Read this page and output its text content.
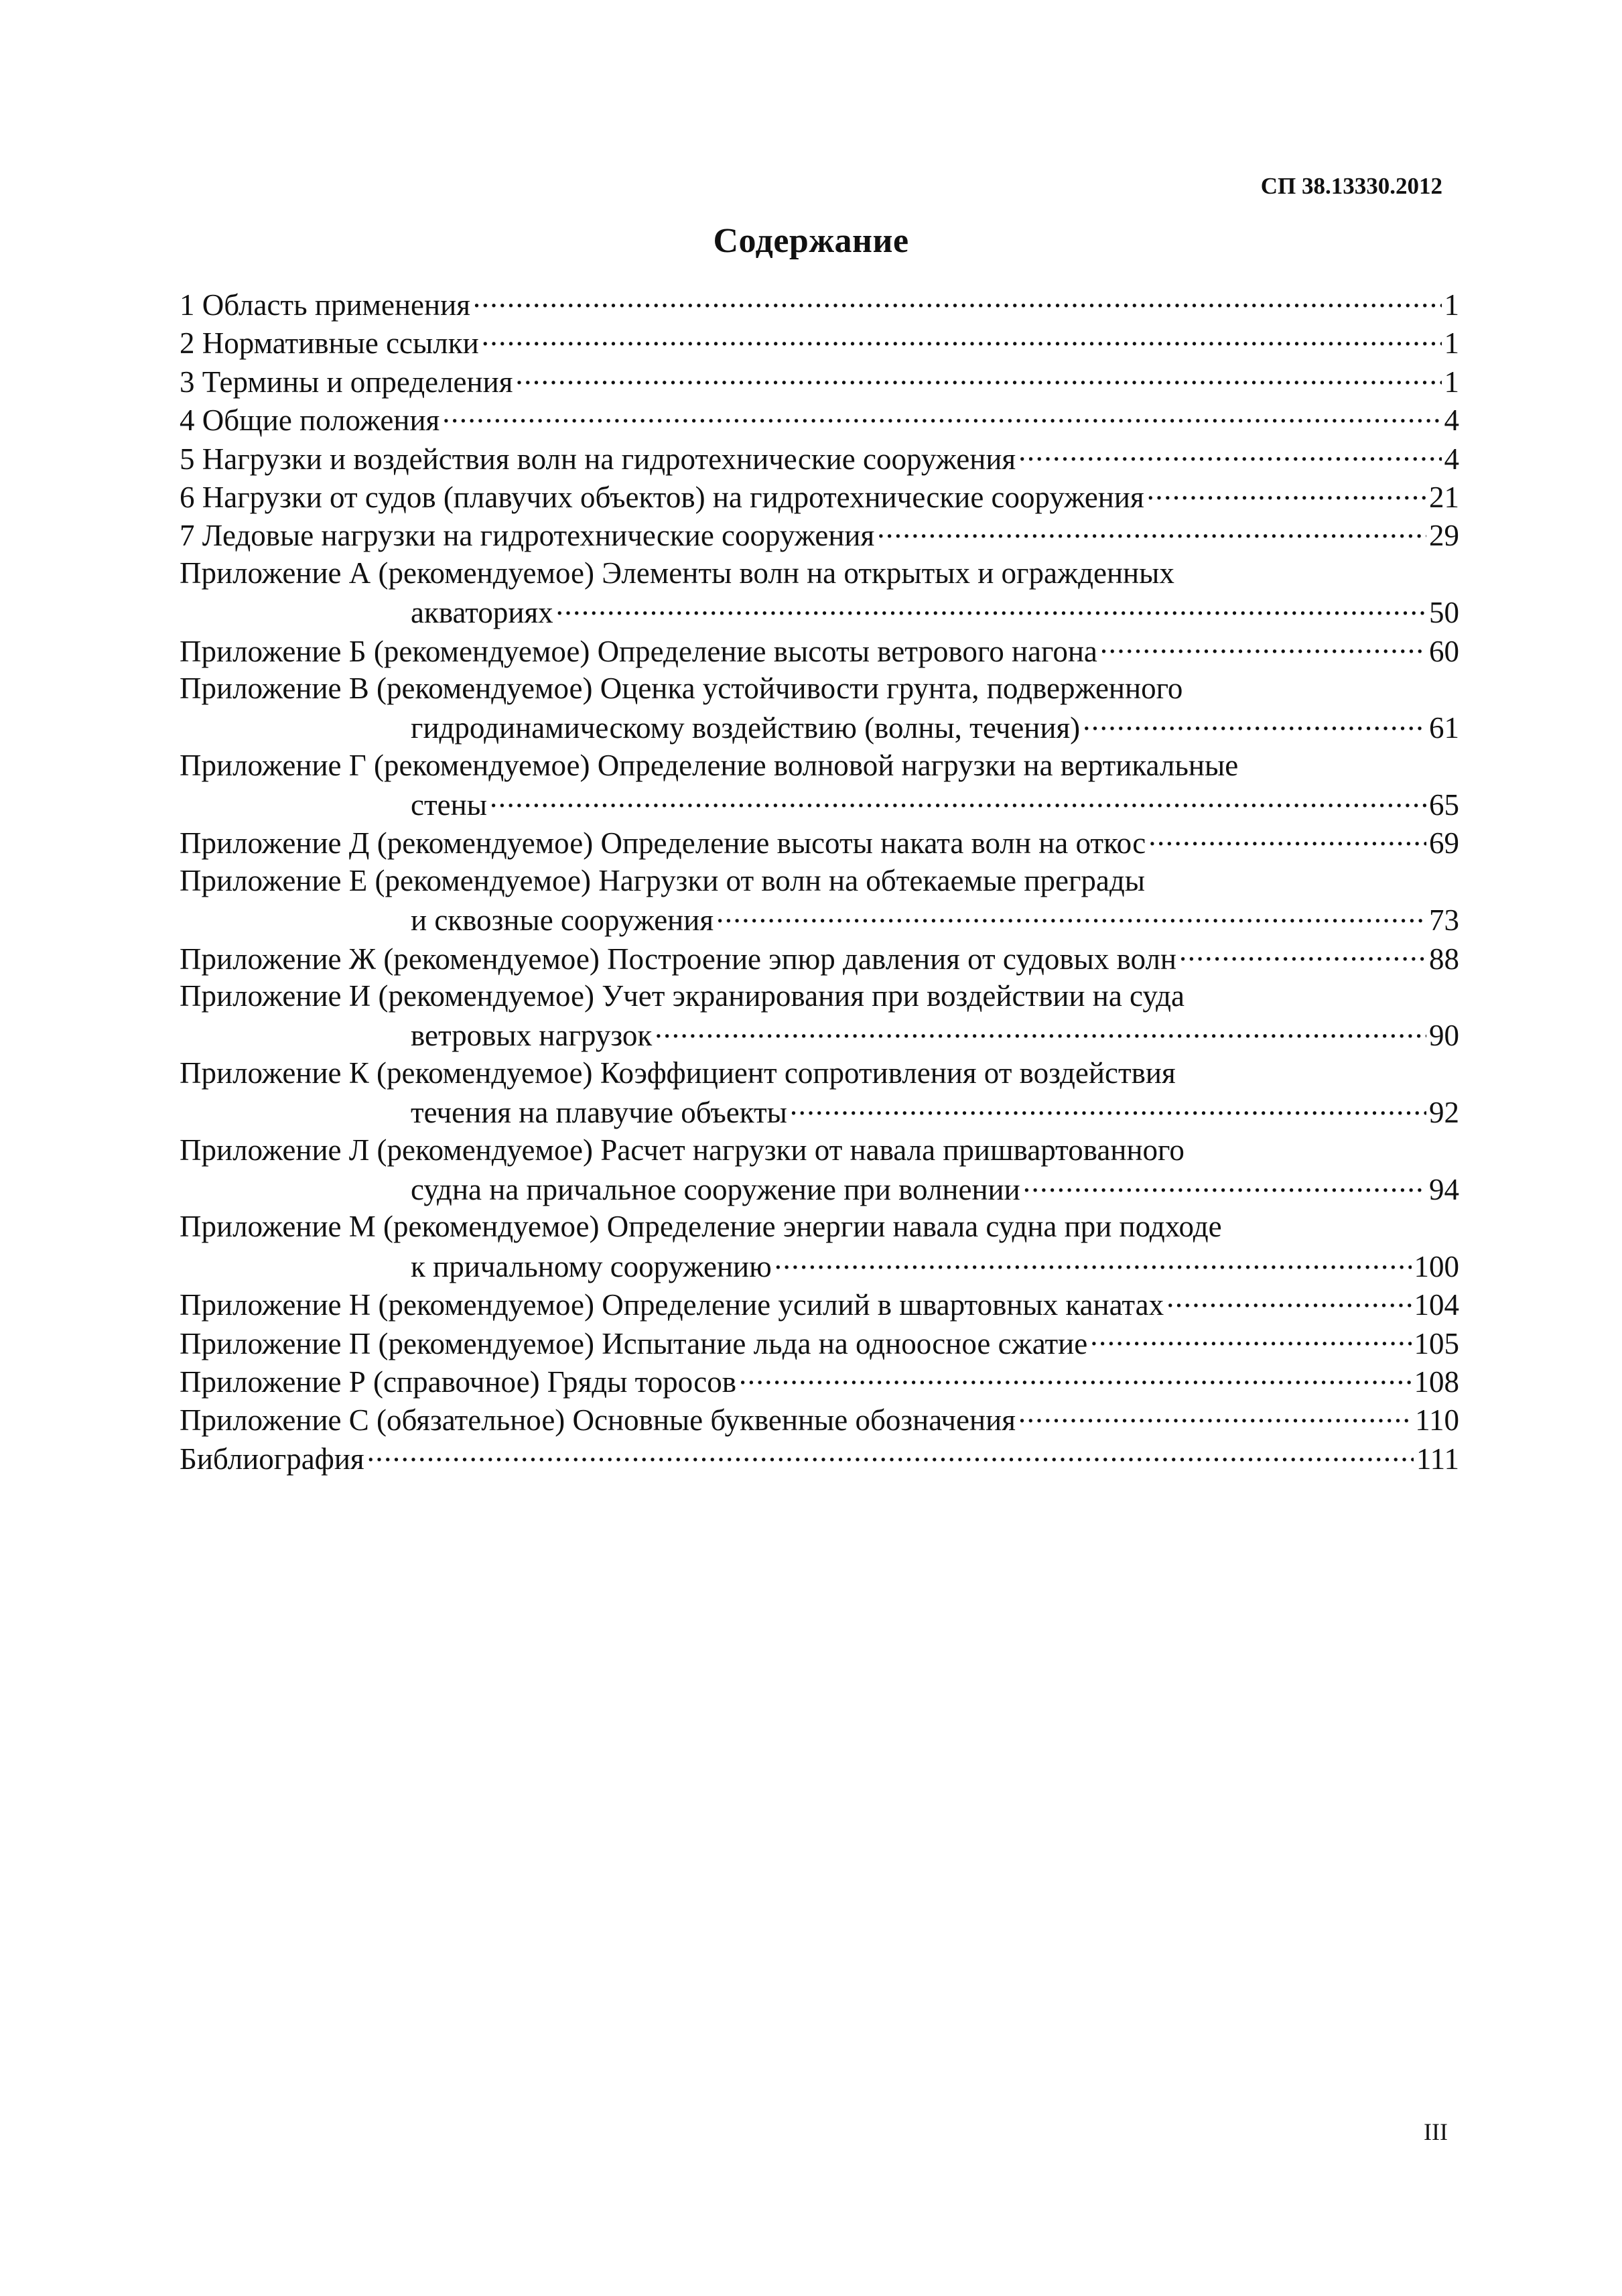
СП 38.13330.2012
Содержание
1 Область применения .....	1
2 Нормативные ссылки .....	1
3 Термины и определения .....	1
4 Общие положения .....	4
5 Нагрузки и воздействия волн на гидротехнические сооружения .....	4
6 Нагрузки от судов (плавучих объектов) на гидротехнические сооружения .....	21
7 Ледовые нагрузки на гидротехнические сооружения .....	29
Приложение А (рекомендуемое) Элементы волн на открытых и огражденных
акваториях .....	50
Приложение Б (рекомендуемое) Определение высоты ветрового нагона .....	60
Приложение В (рекомендуемое) Оценка устойчивости грунта, подверженного
гидродинамическому воздействию (волны, течения) .....	61
Приложение Г (рекомендуемое) Определение волновой нагрузки на вертикальные
стены .....	65
Приложение Д (рекомендуемое) Определение высоты наката волн на откос .....	69
Приложение Е (рекомендуемое) Нагрузки от волн на обтекаемые преграды
и сквозные сооружения .....	73
Приложение Ж (рекомендуемое) Построение эпюр давления от судовых волн .....	88
Приложение И (рекомендуемое) Учет экранирования при воздействии на суда
ветровых нагрузок .....	90
Приложение К (рекомендуемое) Коэффициент сопротивления от воздействия
течения на плавучие объекты .....	92
Приложение Л (рекомендуемое) Расчет нагрузки от навала пришвартованного
судна на причальное сооружение при волнении .....	94
Приложение М (рекомендуемое) Определение энергии навала судна при подходе
к причальному сооружению .....	100
Приложение Н (рекомендуемое) Определение усилий в швартовных канатах .....	104
Приложение П (рекомендуемое) Испытание льда на одноосное сжатие .....	105
Приложение Р (справочное) Гряды торосов .....	108
Приложение С (обязательное) Основные буквенные обозначения .....	110
Библиография .....	111
III
